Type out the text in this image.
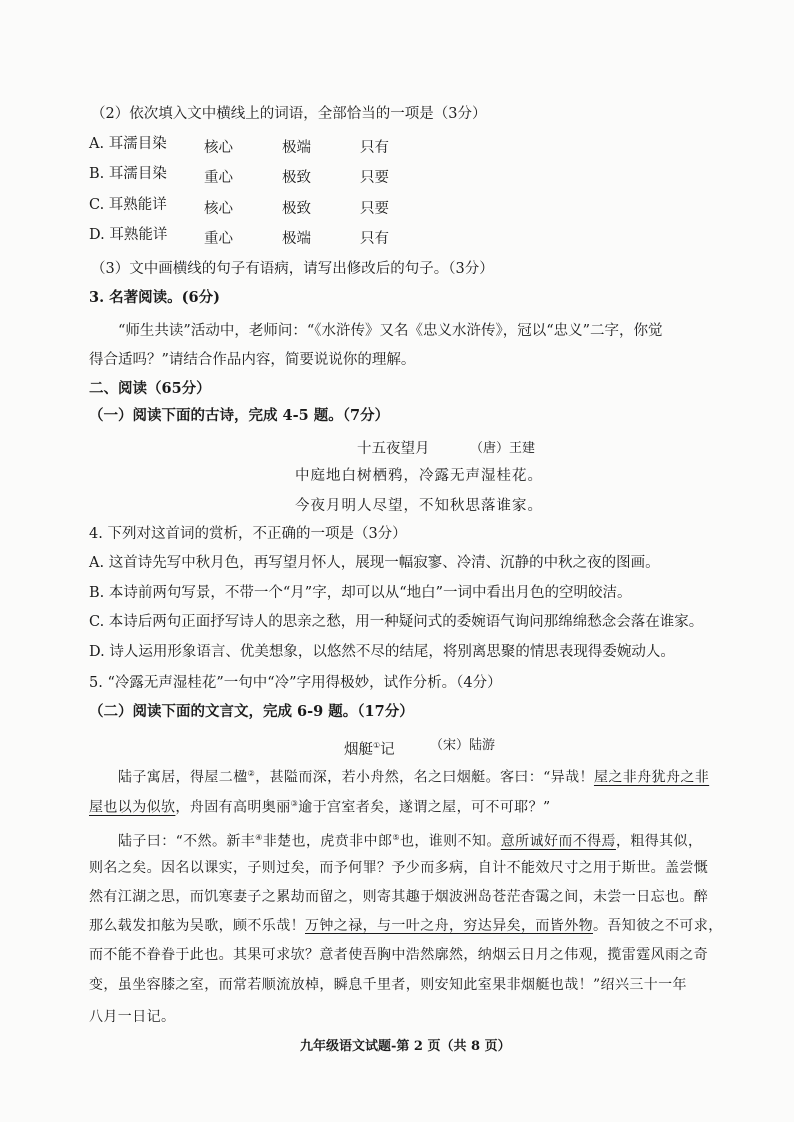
（2）依次填入文中横线上的词语，全部恰当的一项是（3分）
A. 耳濡目染	核心	极端	只有
B. 耳濡目染	重心	极致	只要
C. 耳熟能详	核心	极致	只要
D. 耳熟能详	重心	极端	只有
（3）文中画横线的句子有语病，请写出修改后的句子。（3分）
3. 名著阅读。(6分)
“师生共读”活动中，老师问：“《水浒传》又名《忠义水浒传》，冠以“忠义”二字，你觉
得合适吗？”请结合作品内容，简要说说你的理解。
二、阅读（65分）
（一）阅读下面的古诗，完成 4-5 题。（7分）
十五夜望月	（唐）王建
中庭地白树栖鸦，冷露无声湿桂花。
今夜月明人尽望，不知秋思落谁家。
4. 下列对这首词的赏析，不正确的一项是（3分）
A. 这首诗先写中秋月色，再写望月怀人，展现一幅寂寥、冷清、沉静的中秋之夜的图画。
B. 本诗前两句写景，不带一个“月”字，却可以从“地白”一词中看出月色的空明皎洁。
C. 本诗后两句正面抒写诗人的思亲之愁，用一种疑问式的委婉语气询问那绵绵愁念会落在谁家。
D. 诗人运用形象语言、优美想象，以悠然不尽的结尾，将别离思聚的情思表现得委婉动人。
5. “冷露无声湿桂花”一句中“冷”字用得极妙，试作分析。（4分）
（二）阅读下面的文言文，完成 6-9 题。（17分）
烟艇①记	（宋）陆游
陆子寓居，得屋二楹②，甚隘而深，若小舟然，名之曰烟艇。客曰：“异哉！屋之非舟犹舟之非
屋也以为似欤，舟固有高明奥丽③逾于宫室者矣，遂谓之屋，可不可耶？”
陆子曰：“不然。新丰④非楚也，虎贲非中郎⑤也，谁则不知。意所诚好而不得焉，粗得其似，
则名之矣。因名以课实，子则过矣，而予何罪？予少而多病，自计不能效尺寸之用于斯世。盖尝慨
然有江湖之思，而饥寒妻子之累劫而留之，则寄其趣于烟波洲岛苍茫杳霭之间，未尝一日忘也。醉
那么载发扣舷为吴歌，顾不乐哉！万钟之禄，与一叶之舟，穷达异矣，而皆外物。吾知彼之不可求，
而不能不眷眷于此也。其果可求欤？意者使吾胸中浩然廓然，纳烟云日月之伟观，揽雷霆风雨之奇
变，虽坐容膝之室，而常若顺流放棹，瞬息千里者，则安知此室果非烟艇也哉！”绍兴三十一年
八月一日记。
九年级语文试题-第 2 页（共 8 页）
